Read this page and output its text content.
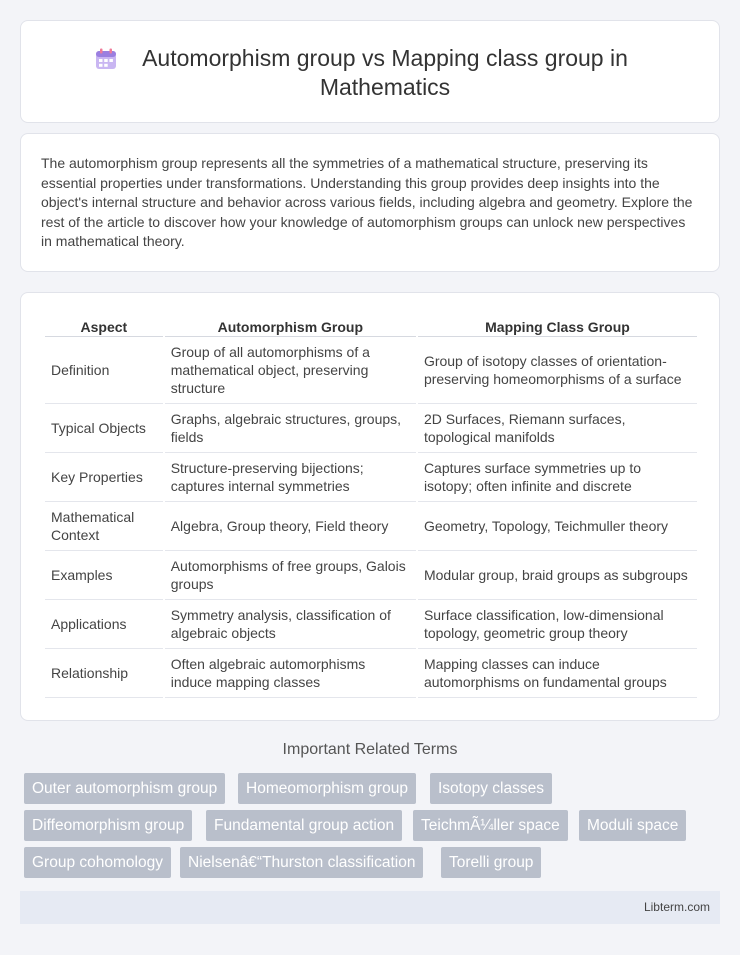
Automorphism group vs Mapping class group in Mathematics

The automorphism group represents all the symmetries of a mathematical structure, preserving its essential properties under transformations. Understanding this group provides deep insights into the object's internal structure and behavior across various fields, including algebra and geometry. Explore the rest of the article to discover how your knowledge of automorphism groups can unlock new perspectives in mathematical theory.

Aspect	Automorphism Group	Mapping Class Group
Definition	Group of all automorphisms of a mathematical object, preserving structure	Group of isotopy classes of orientation-preserving homeomorphisms of a surface
Typical Objects	Graphs, algebraic structures, groups, fields	2D Surfaces, Riemann surfaces, topological manifolds
Key Properties	Structure-preserving bijections; captures internal symmetries	Captures surface symmetries up to isotopy; often infinite and discrete
Mathematical Context	Algebra, Group theory, Field theory	Geometry, Topology, Teichmuller theory
Examples	Automorphisms of free groups, Galois groups	Modular group, braid groups as subgroups
Applications	Symmetry analysis, classification of algebraic objects	Surface classification, low-dimensional topology, geometric group theory
Relationship	Often algebraic automorphisms induce mapping classes	Mapping classes can induce automorphisms on fundamental groups
Important Related Terms
Outer automorphism group	Homeomorphism group	Isotopy classes
Diffeomorphism group	Fundamental group action	TeichmÃ¼ller space	Moduli space
Group cohomology	Nielsenâ€“Thurston classification	Torelli group
Libterm.com
